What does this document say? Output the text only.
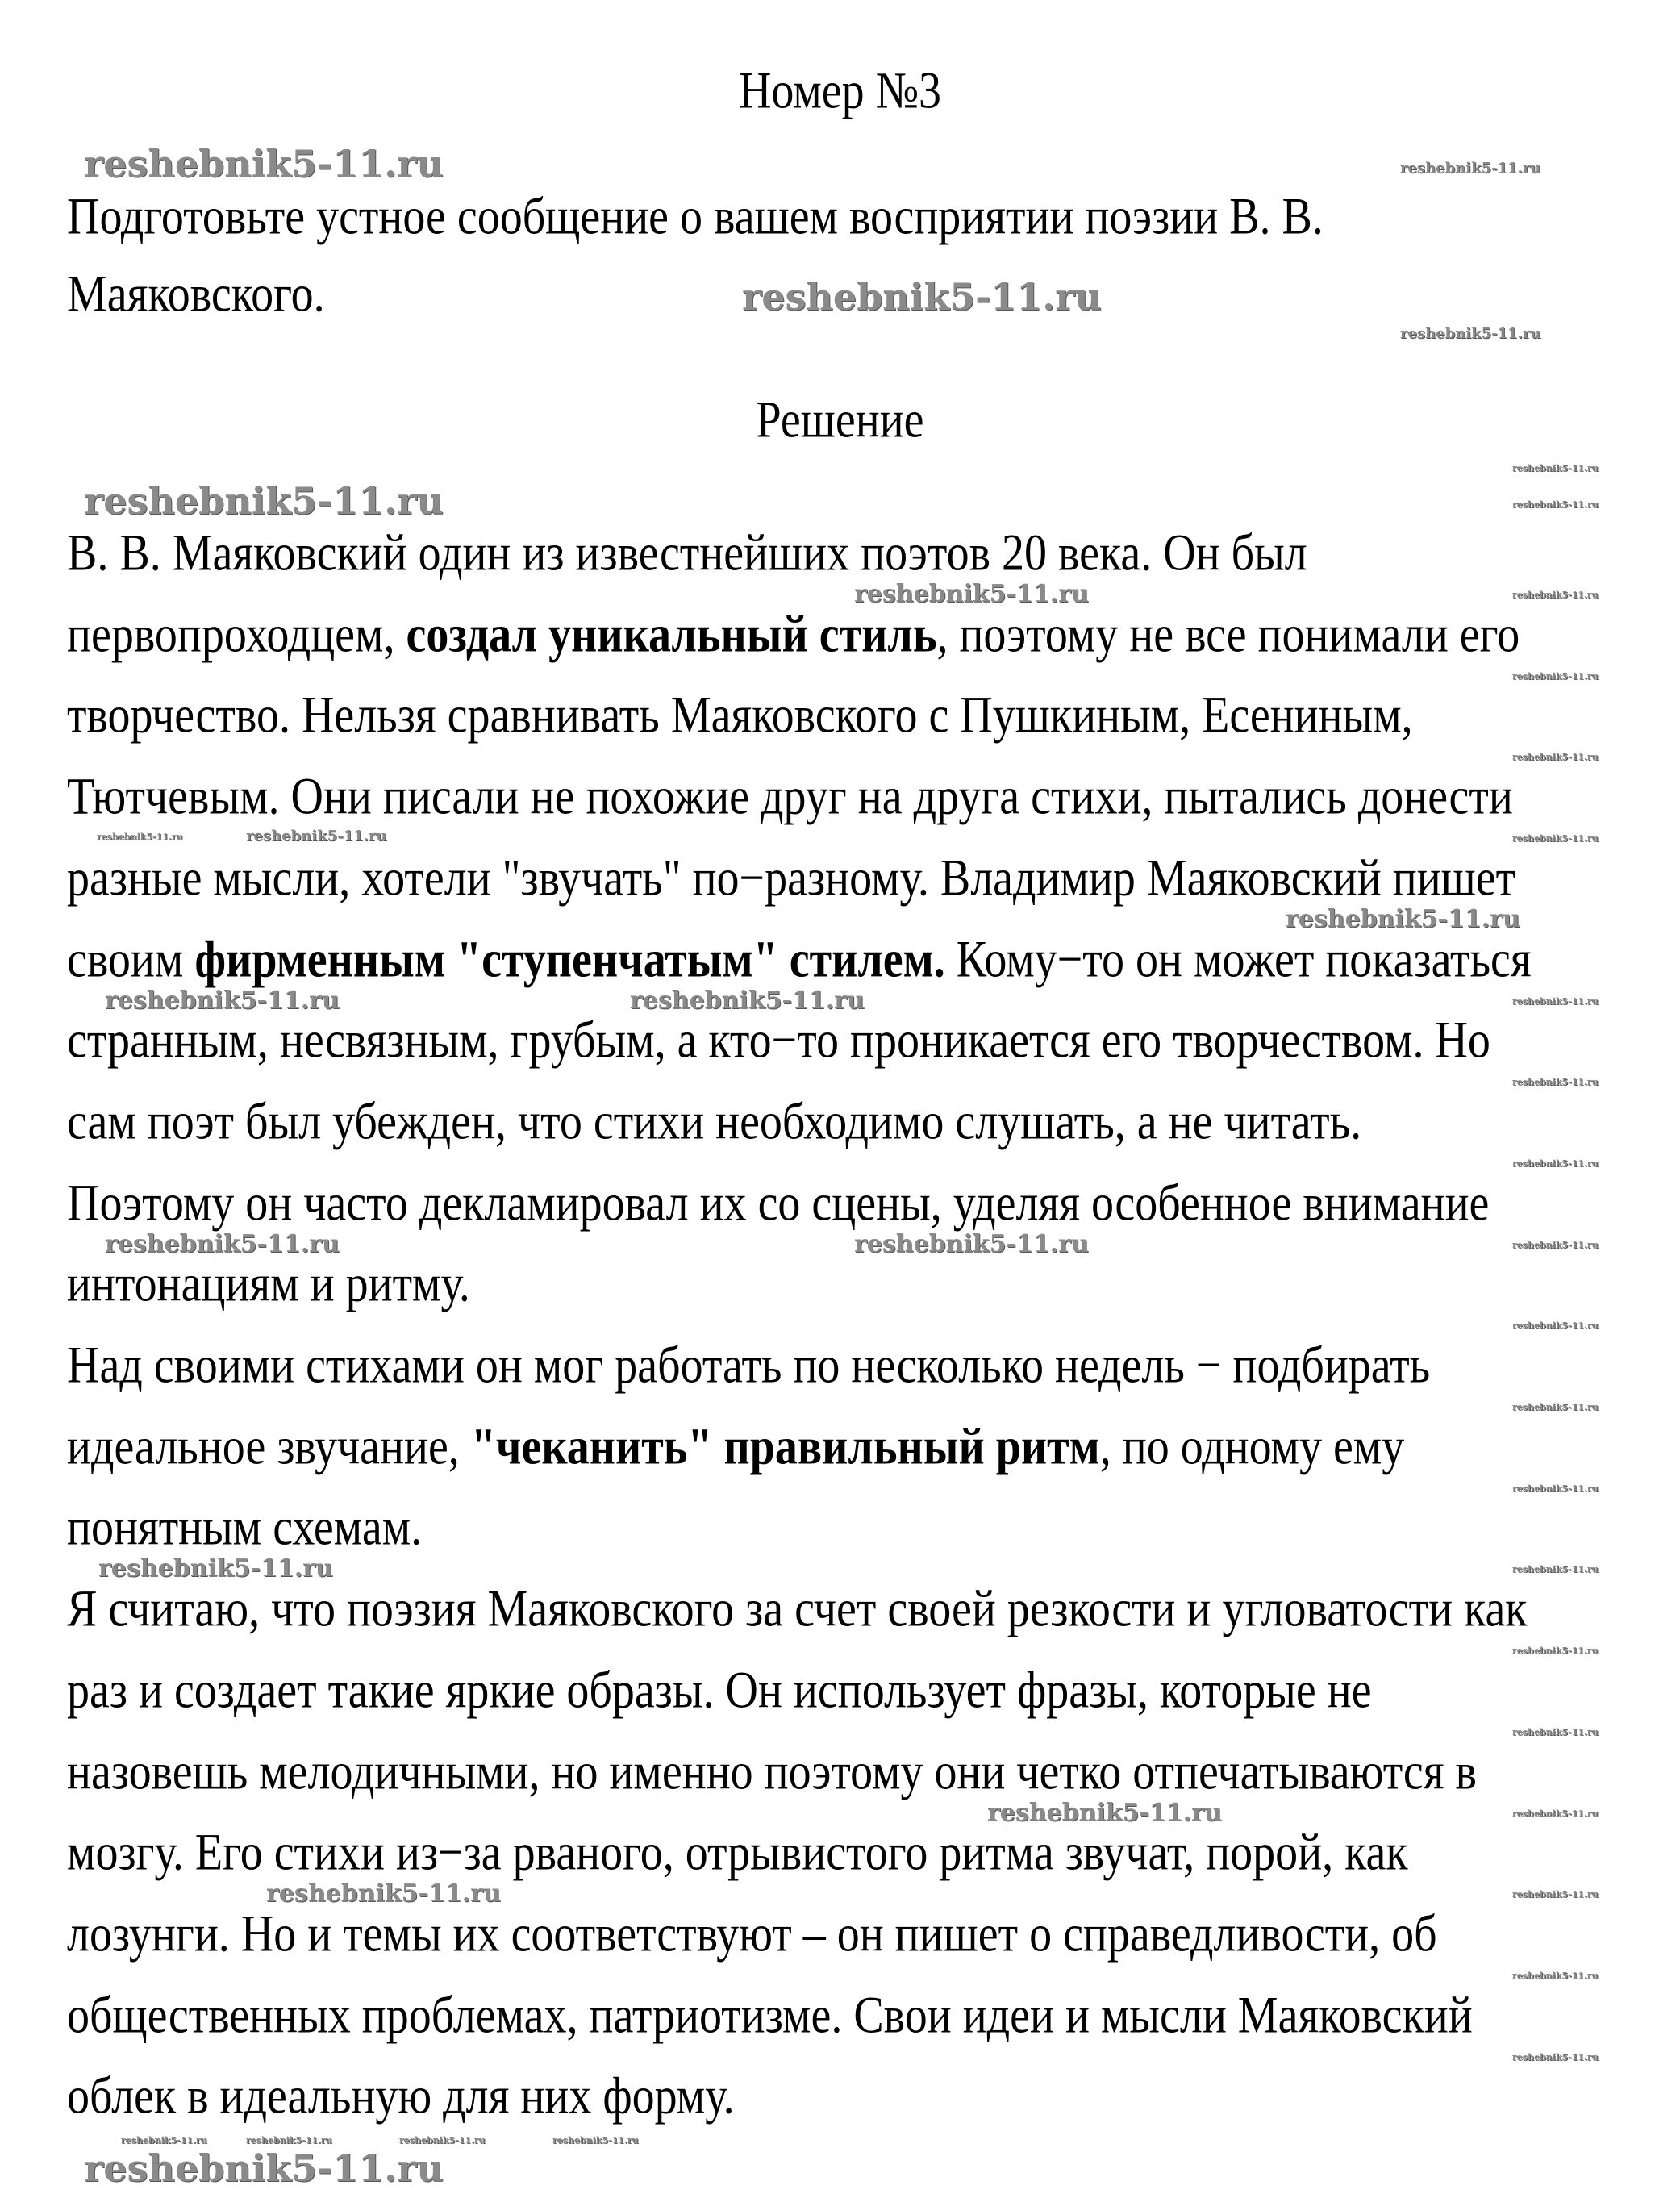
Номер №3
Подготовьте устное сообщение о вашем восприятии поэзии В. В.
Маяковского.
Решение
В. В. Маяковский один из известнейших поэтов 20 века. Он был
первопроходцем, создал уникальный стиль, поэтому не все понимали его
творчество. Нельзя сравнивать Маяковского с Пушкиным, Есениным,
Тютчевым. Они писали не похожие друг на друга стихи, пытались донести
разные мысли, хотели "звучать" по−разному. Владимир Маяковский пишет
своим фирменным "ступенчатым" стилем. Кому−то он может показаться
странным, несвязным, грубым, а кто−то проникается его творчеством. Но
сам поэт был убежден, что стихи необходимо слушать, а не читать.
Поэтому он часто декламировал их со сцены, уделяя особенное внимание
интонациям и ритму.
Над своими стихами он мог работать по несколько недель − подбирать
идеальное звучание, "чеканить" правильный ритм, по одному ему
понятным схемам.
Я считаю, что поэзия Маяковского за счет своей резкости и угловатости как
раз и создает такие яркие образы. Он использует фразы, которые не
назовешь мелодичными, но именно поэтому они четко отпечатываются в
мозгу. Его стихи из−за рваного, отрывистого ритма звучат, порой, как
лозунги. Но и темы их соответствуют – он пишет о справедливости, об
общественных проблемах, патриотизме. Свои идеи и мысли Маяковский
облек в идеальную для них форму.
reshebnik5-11.ru	reshebnik5-11.ru
reshebnik5-11.ru
reshebnik5-11.ru
reshebnik5-11.ru
reshebnik5-11.ru
reshebnik5-11.ru
reshebnik5-11.ru
reshebnik5-11.ru	reshebnik5-11.ru
reshebnik5-11.ru
reshebnik5-11.ru	reshebnik5-11.ru
reshebnik5-11.ru	reshebnik5-11.ru
reshebnik5-11.ru
reshebnik5-11.ru
reshebnik5-11.ru
reshebnik5-11.ru	reshebnik5-11.ru	reshebnik5-11.ru	reshebnik5-11.ru
reshebnik5-11.ru
reshebnik5-11.ru
reshebnik5-11.ru
reshebnik5-11.ru
reshebnik5-11.ru
reshebnik5-11.ru
reshebnik5-11.ru
reshebnik5-11.ru
reshebnik5-11.ru
reshebnik5-11.ru
reshebnik5-11.ru
reshebnik5-11.ru
reshebnik5-11.ru
reshebnik5-11.ru
reshebnik5-11.ru
reshebnik5-11.ru
reshebnik5-11.ru
reshebnik5-11.ru
reshebnik5-11.ru
